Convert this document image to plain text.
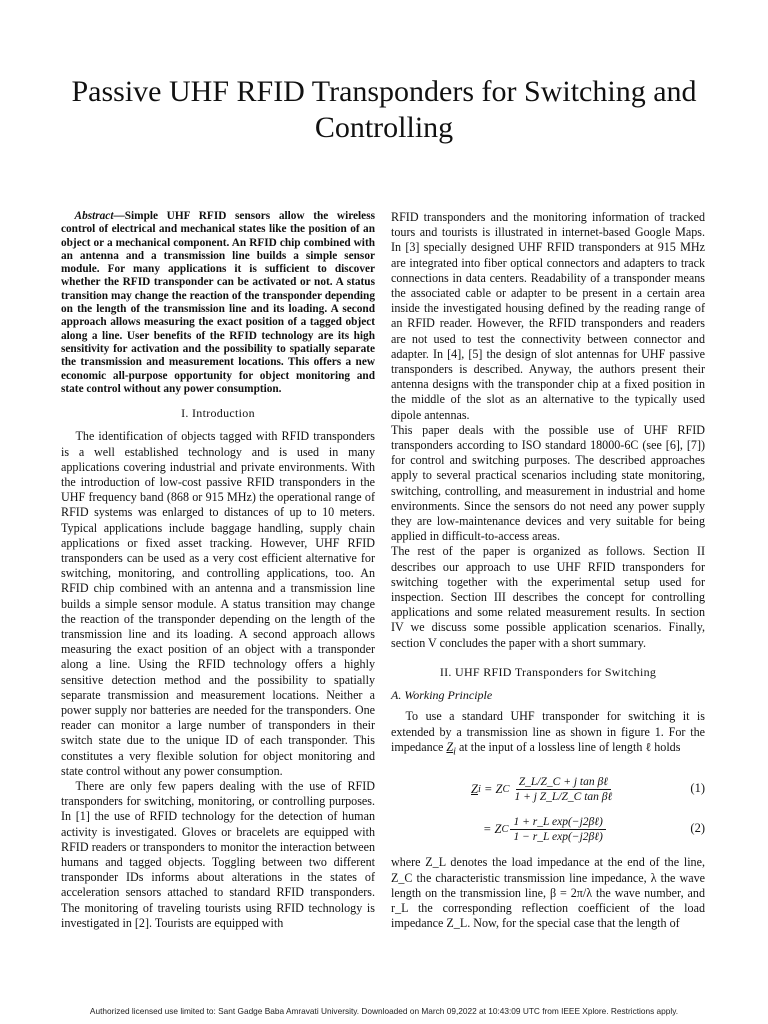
Passive UHF RFID Transponders for Switching and Controlling

Abstract—Simple UHF RFID sensors allow the wireless control of electrical and mechanical states like the position of an object or a mechanical component. An RFID chip combined with an antenna and a transmission line builds a simple sensor module. For many applications it is sufficient to discover whether the RFID transponder can be activated or not. A status transition may change the reaction of the transponder depending on the length of the transmission line and its loading. A second approach allows measuring the exact position of a tagged object along a line. User benefits of the RFID technology are its high sensitivity for activation and the possibility to spatially separate the transmission and measurement locations. This offers a new economic all-purpose opportunity for object monitoring and state control without any power consumption.

I. Introduction

The identification of objects tagged with RFID transponders is a well established technology and is used in many applications covering industrial and private environments. With the introduction of low-cost passive RFID transponders in the UHF frequency band (868 or 915 MHz) the operational range of RFID systems was enlarged to distances of up to 10 meters. Typical applications include baggage handling, supply chain applications or fixed asset tracking. However, UHF RFID transponders can be used as a very cost efficient alternative for switching, monitoring, and controlling applications, too. An RFID chip combined with an antenna and a transmission line builds a simple sensor module. A status transition may change the reaction of the transponder depending on the length of the transmission line and its loading. A second approach allows measuring the exact position of an object with a transponder along a line. Using the RFID technology offers a highly sensitive detection method and the possibility to spatially separate transmission and measurement locations. Neither a power supply nor batteries are needed for the transponders. One reader can monitor a large number of transponders in their switch state due to the unique ID of each transponder. This constitutes a very flexible solution for object monitoring and state control without any power consumption.

There are only few papers dealing with the use of RFID transponders for switching, monitoring, or controlling purposes. In [1] the use of RFID technology for the detection of human activity is investigated. Gloves or bracelets are equipped with RFID readers or transponders to monitor the interaction between humans and tagged objects. Toggling between two different transponder IDs informs about alterations in the states of acceleration sensors attached to standard RFID transponders. The monitoring of traveling tourists using RFID technology is investigated in [2]. Tourists are equipped with

RFID transponders and the monitoring information of tracked tours and tourists is illustrated in internet-based Google Maps. In [3] specially designed UHF RFID transponders at 915 MHz are integrated into fiber optical connectors and adapters to track connections in data centers. Readability of a transponder means the associated cable or adapter to be present in a certain area inside the investigated housing defined by the reading range of an RFID reader. However, the RFID transponders and readers are not used to test the connectivity between connector and adapter. In [4], [5] the design of slot antennas for UHF passive transponders is described. Anyway, the authors present their antenna designs with the transponder chip at a fixed position in the middle of the slot as an alternative to the typically used dipole antennas.

This paper deals with the possible use of UHF RFID transponders according to ISO standard 18000-6C (see [6], [7]) for control and switching purposes. The described approaches apply to several practical scenarios including state monitoring, switching, controlling, and measurement in industrial and home environments. Since the sensors do not need any power supply they are low-maintenance devices and very suitable for being applied in difficult-to-access areas.

The rest of the paper is organized as follows. Section II describes our approach to use UHF RFID transponders for switching together with the experimental setup used for inspection. Section III describes the concept for controlling applications and some related measurement results. In section IV we discuss some possible application scenarios. Finally, section V concludes the paper with a short summary.

II. UHF RFID Transponders for Switching
A. Working Principle

To use a standard UHF transponder for switching it is extended by a transmission line as shown in figure 1. For the impedance $Z_i$ at the input of a lossless line of length ℓ holds

Z i
= Z C $\frac{\text{Z\_L/Z\_C + j tan βℓ}}{\text{1 + j Z\_L/Z\_C tan βℓ}}$	(1)
= Z C $\frac{\text{1 + r\_L exp(−j2βℓ)}}{\text{1 − r\_L exp(−j2βℓ)}}$	(2)

where Z_L denotes the load impedance at the end of the line, Z_C the characteristic transmission line impedance, λ the wave length on the transmission line, β = 2π/λ the wave number, and r_L the corresponding reflection coefficient of the load impedance Z_L. Now, for the special case that the length of

Authorized licensed use limited to: Sant Gadge Baba Amravati University. Downloaded on March 09,2022 at 10:43:09 UTC from IEEE Xplore. Restrictions apply.
